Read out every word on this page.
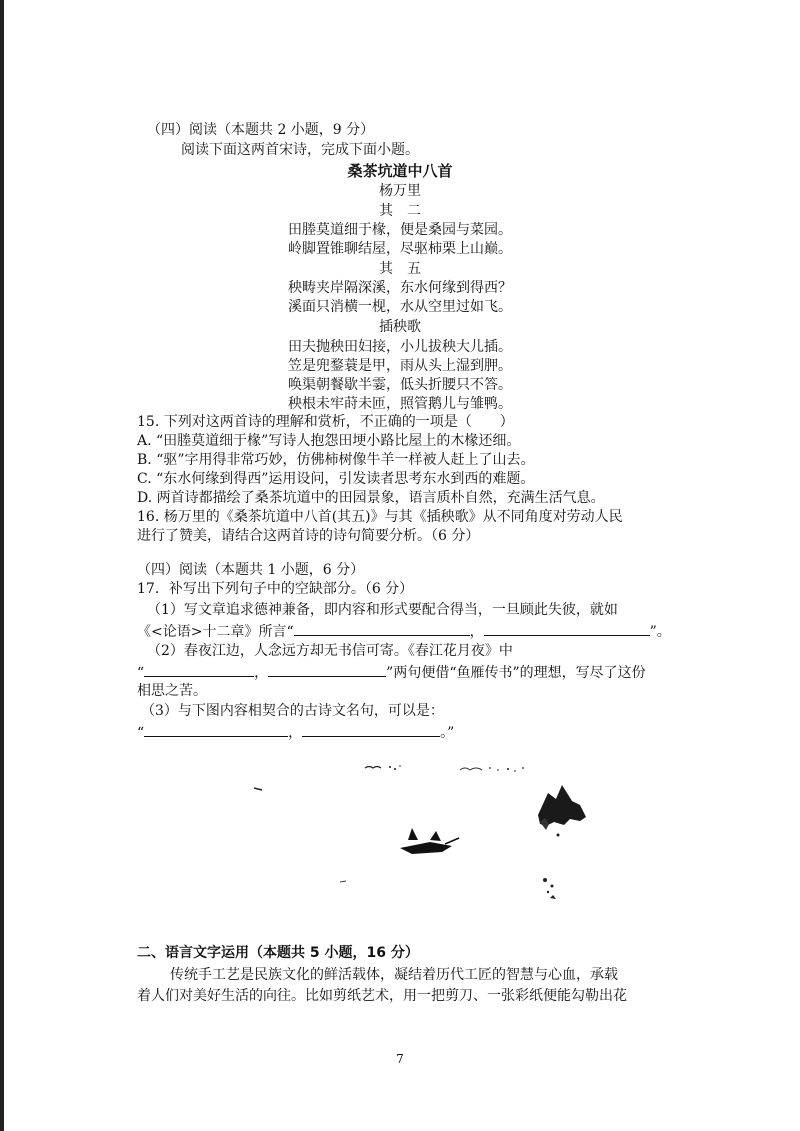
（四）阅读（本题共 2 小题，9 分）
阅读下面这两首宋诗，完成下面小题。
桑茶坑道中八首
杨万里
其　二
田塍莫道细于椽，便是桑园与菜园。
岭脚置锥聊结屋，尽驱柿栗上山巅。
其　五
秧畴夹岸隔深溪，东水何缘到得西？
溪面只消横一枧，水从空里过如飞。
插秧歌
田夫抛秧田妇接，小儿拔秧大儿插。
笠是兜鍪蓑是甲，雨从头上湿到胛。
唤渠朝餐歇半霎，低头折腰只不答。
秧根未牢莳未匝，照管鹅儿与雏鸭。
15. 下列对这两首诗的理解和赏析，不正确的一项是（　　）
A. “田塍莫道细于椽”写诗人抱怨田埂小路比屋上的木椽还细。
B. “驱”字用得非常巧妙，仿佛柿树像牛羊一样被人赶上了山去。
C. “东水何缘到得西”运用设问，引发读者思考东水到西的难题。
D. 两首诗都描绘了桑茶坑道中的田园景象，语言质朴自然，充满生活气息。
16. 杨万里的《桑茶坑道中八首(其五)》与其《插秧歌》从不同角度对劳动人民
进行了赞美，请结合这两首诗的诗句简要分析。（6 分）
（四）阅读（本题共 1 小题，6 分）
17．补写出下列句子中的空缺部分。（6 分）
（1）写文章追求德神兼备，即内容和形式要配合得当，一旦顾此失彼，就如
《<论语>十二章》所言“	，	”。
（2）春夜江边，人念远方却无书信可寄。《春江花月夜》中
“	，	”两句便借“鱼雁传书”的理想，写尽了这份
相思之苦。
（3）与下图内容相契合的古诗文名句，可以是：
“	，	。”
二、语言文字运用（本题共 5 小题，16 分）
传统手工艺是民族文化的鲜活载体，凝结着历代工匠的智慧与心血，承载
着人们对美好生活的向往。比如剪纸艺术，用一把剪刀、一张彩纸便能勾勒出花
7
